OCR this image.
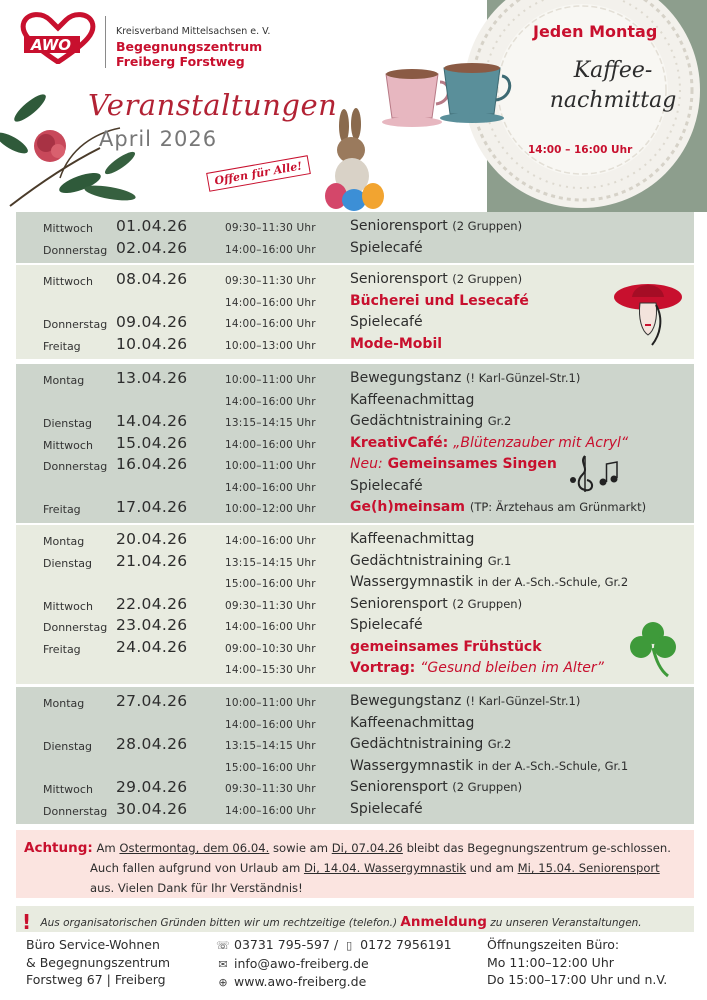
AWO
Kreisverband Mittelsachsen e. V.
Begegnungszentrum
Freiberg Forstweg
Veranstaltungen
April 2026
Offen für Alle!
Jeden Montag
Kaffee-
nachmittag
14:00 – 16:00 Uhr
Mittwoch 01.04.26	09:30–11:30 Uhr Seniorensport (2 Gruppen)
Donnerstag 02.04.26	14:00–16:00 Uhr Spielecafé
Mittwoch 08.04.26	09:30–11:30 Uhr Seniorensport (2 Gruppen)
14:00–16:00 Uhr Bücherei und Lesecafé
Donnerstag 09.04.26	14:00–16:00 Uhr Spielecafé
Freitag 10.04.26	10:00–13:00 Uhr Mode-Mobil
Montag 13.04.26	10:00–11:00 Uhr Bewegungstanz (! Karl-Günzel-Str.1)
14:00–16:00 Uhr Kaffeenachmittag
Dienstag 14.04.26	13:15–14:15 Uhr Gedächtnistraining Gr.2
Mittwoch 15.04.26	14:00–16:00 Uhr KreativCafé: „Blütenzauber mit Acryl“
Donnerstag 16.04.26	10:00–11:00 Uhr Neu: Gemeinsames Singen
14:00–16:00 Uhr Spielecafé
Freitag 17.04.26	10:00–12:00 Uhr Ge(h)meinsam (TP: Ärztehaus am Grünmarkt)
Montag 20.04.26	14:00–16:00 Uhr Kaffeenachmittag
Dienstag 21.04.26	13:15–14:15 Uhr Gedächtnistraining Gr.1
15:00–16:00 Uhr Wassergymnastik in der A.-Sch.-Schule, Gr.2
Mittwoch 22.04.26	09:30–11:30 Uhr Seniorensport (2 Gruppen)
Donnerstag 23.04.26	14:00–16:00 Uhr Spielecafé
Freitag 24.04.26	09:00–10:30 Uhr gemeinsames Frühstück
14:00–15:30 Uhr Vortrag: “Gesund bleiben im Alter”
Montag 27.04.26	10:00–11:00 Uhr Bewegungstanz (! Karl-Günzel-Str.1)
14:00–16:00 Uhr Kaffeenachmittag
Dienstag 28.04.26	13:15–14:15 Uhr Gedächtnistraining Gr.2
15:00–16:00 Uhr Wassergymnastik in der A.-Sch.-Schule, Gr.1
Mittwoch 29.04.26	09:30–11:30 Uhr Seniorensport (2 Gruppen)
Donnerstag 30.04.26	14:00–16:00 Uhr Spielecafé

Achtung: Am Ostermontag, dem 06.04. sowie am Di, 07.04.26 bleibt das Begegnungszentrum ge-schlossen. Auch fallen aufgrund von Urlaub am Di, 14.04. Wassergymnastik und am Mi, 15.04. Seniorensport aus. Vielen Dank für Ihr Verständnis!

! Aus organisatorischen Gründen bitten wir um rechtzeitige (telefon.) Anmeldung zu unseren Veranstaltungen.
Büro Service-Wohnen
& Begegnungszentrum
Forstweg 67 | Freiberg
☏ 03731 795-597 / ▯ 0172 7956191
✉ info@awo-freiberg.de
⊕ www.awo-freiberg.de
Öffnungszeiten Büro:
Mo 11:00–12:00 Uhr
Do 15:00–17:00 Uhr und n.V.
